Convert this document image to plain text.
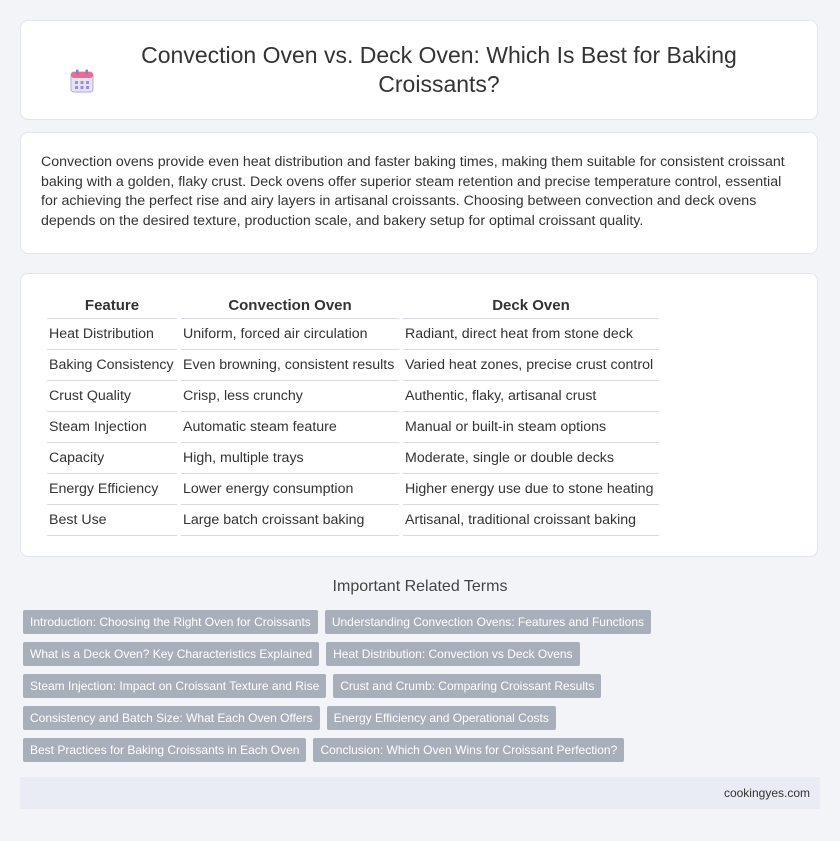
Convection Oven vs. Deck Oven: Which Is Best for Baking Croissants?

Convection ovens provide even heat distribution and faster baking times, making them suitable for consistent croissant baking with a golden, flaky crust. Deck ovens offer superior steam retention and precise temperature control, essential for achieving the perfect rise and airy layers in artisanal croissants. Choosing between convection and deck ovens depends on the desired texture, production scale, and bakery setup for optimal croissant quality.

Feature	Convection Oven	Deck Oven
Heat Distribution	Uniform, forced air circulation	Radiant, direct heat from stone deck
Baking Consistency	Even browning, consistent results	Varied heat zones, precise crust control
Crust Quality	Crisp, less crunchy	Authentic, flaky, artisanal crust
Steam Injection	Automatic steam feature	Manual or built-in steam options
Capacity	High, multiple trays	Moderate, single or double decks
Energy Efficiency	Lower energy consumption	Higher energy use due to stone heating
Best Use	Large batch croissant baking	Artisanal, traditional croissant baking
Important Related Terms
Introduction: Choosing the Right Oven for Croissants	Understanding Convection Ovens: Features and Functions
What is a Deck Oven? Key Characteristics Explained	Heat Distribution: Convection vs Deck Ovens
Steam Injection: Impact on Croissant Texture and Rise	Crust and Crumb: Comparing Croissant Results
Consistency and Batch Size: What Each Oven Offers	Energy Efficiency and Operational Costs
Best Practices for Baking Croissants in Each Oven	Conclusion: Which Oven Wins for Croissant Perfection?
cookingyes.com
